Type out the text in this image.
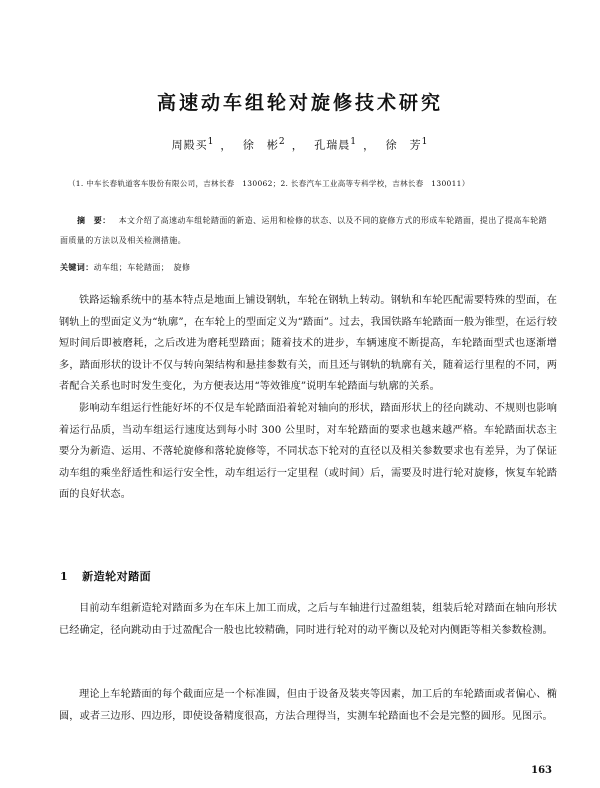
高速动车组轮对旋修技术研究
周殿买$^1$ ， 徐　彬$^2$ ， 孔瑞晨$^1$ ， 徐　芳$^1$
（1. 中车长春轨道客车股份有限公司，吉林长春　130062；2. 长春汽车工业高等专科学校，吉林长春　130011）
摘　要： 本文介绍了高速动车组轮踏面的新造、运用和检修的状态、以及不同的旋修方式的形成车轮踏面，提出了提高车轮踏面质量的方法以及相关检测措施。
关键词：动车组；车轮踏面；　旋修

铁路运输系统中的基本特点是地面上铺设钢轨，车轮在钢轨上转动。钢轨和车轮匹配需要特殊的型面，在钢轨上的型面定义为“轨廓”，在车轮上的型面定义为“踏面”。过去，我国铁路车轮踏面一般为锥型，在运行较短时间后即被磨耗，之后改进为磨耗型踏面；随着技术的进步，车辆速度不断提高，车轮踏面型式也逐渐增多，踏面形状的设计不仅与转向架结构和悬挂参数有关，而且还与钢轨的轨廓有关，随着运行里程的不同，两者配合关系也时时发生变化，为方便表达用“等效锥度”说明车轮踏面与轨廓的关系。

影响动车组运行性能好坏的不仅是车轮踏面沿着轮对轴向的形状，踏面形状上的径向跳动、不规则也影响着运行品质，当动车组运行速度达到每小时 300 公里时，对车轮踏面的要求也越来越严格。车轮踏面状态主要分为新造、运用、不落轮旋修和落轮旋修等，不同状态下轮对的直径以及相关参数要求也有差异，为了保证动车组的乘坐舒适性和运行安全性，动车组运行一定里程（或时间）后，需要及时进行轮对旋修，恢复车轮踏面的良好状态。

1 新造轮对踏面

目前动车组新造轮对踏面多为在车床上加工而成，之后与车轴进行过盈组装，组装后轮对踏面在轴向形状已经确定，径向跳动由于过盈配合一般也比较精确，同时进行轮对的动平衡以及轮对内侧距等相关参数检测。

理论上车轮踏面的每个截面应是一个标准圆，但由于设备及装夹等因素，加工后的车轮踏面或者偏心、椭圆，或者三边形、四边形，即使设备精度很高，方法合理得当，实测车轮踏面也不会是完整的圆形。见图示。

163
